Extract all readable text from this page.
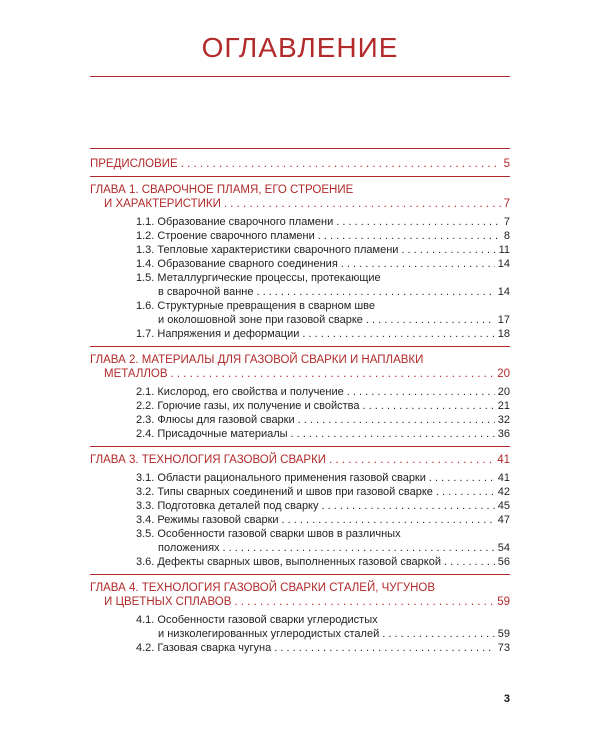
ОГЛАВЛЕНИЕ
ПРЕДИСЛОВИЕ . . .	5
ГЛАВА 1. СВАРОЧНОЕ ПЛАМЯ, ЕГО СТРОЕНИЕ
И ХАРАКТЕРИСТИКИ . . .	7
1.1. Образование сварочного пламени . . .	7
1.2. Строение сварочного пламени . . .	8
1.3. Тепловые характеристики сварочного пламени . . .	11
1.4. Образование сварного соединения . . .	14
1.5. Металлургические процессы, протекающие
в сварочной ванне . . .	14
1.6. Структурные превращения в сварном шве
и околошовной зоне при газовой сварке . . .	17
1.7. Напряжения и деформации . . .	18
ГЛАВА 2. МАТЕРИАЛЫ ДЛЯ ГАЗОВОЙ СВАРКИ И НАПЛАВКИ
МЕТАЛЛОВ . . .	20
2.1. Кислород, его свойства и получение . . .	20
2.2. Горючие газы, их получение и свойства . . .	21
2.3. Флюсы для газовой сварки . . .	32
2.4. Присадочные материалы . . .	36
ГЛАВА 3. ТЕХНОЛОГИЯ ГАЗОВОЙ СВАРКИ . . .	41
3.1. Области рационального применения газовой сварки . . .	41
3.2. Типы сварных соединений и швов при газовой сварке . . .	42
3.3. Подготовка деталей под сварку . . .	45
3.4. Режимы газовой сварки . . .	47
3.5. Особенности газовой сварки швов в различных
положениях . . .	54
3.6. Дефекты сварных швов, выполненных газовой сваркой . . .	56
ГЛАВА 4. ТЕХНОЛОГИЯ ГАЗОВОЙ СВАРКИ СТАЛЕЙ, ЧУГУНОВ
И ЦВЕТНЫХ СПЛАВОВ . . .	59
4.1. Особенности газовой сварки углеродистых
и низколегированных углеродистых сталей . . .	59
4.2. Газовая сварка чугуна . . .	73
3
